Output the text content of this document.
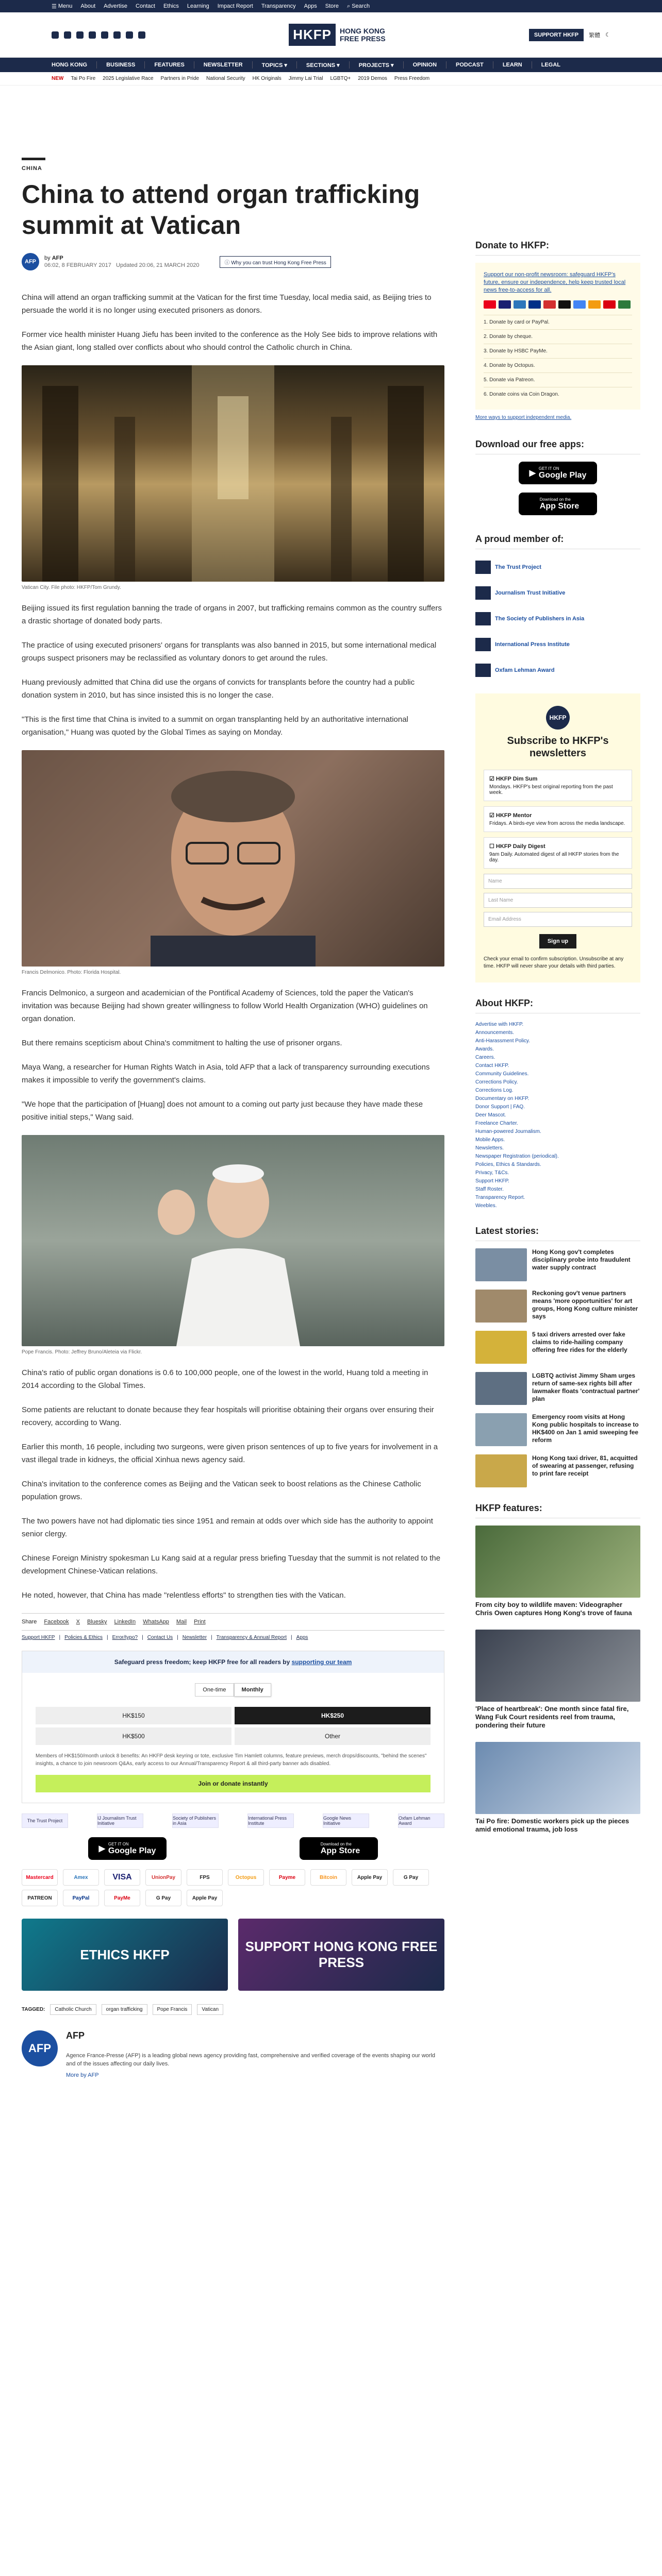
☰ Menu About Advertise Contact Ethics Learning Impact Report Transparency Apps Store ⌕ Search
HKFP	HONG KONG
FREE PRESS	SUPPORT HKFP	繁體 ☾
HONG KONG	BUSINESS	FEATURES	NEWSLETTER	TOPICS ▾	SECTIONS ▾	PROJECTS ▾	OPINION	PODCAST	LEARN	LEGAL
NEW Tai Po Fire 2025 Legislative Race Partners in Pride National Security HK Originals Jimmy Lai Trial LGBTQ+ 2019 Demos Press Freedom
CHINA
China to attend organ trafficking summit at Vatican
AFP
by AFP
06:02, 8 FEBRUARY 2017 Updated 20:06, 21 MARCH 2020	ⓘ Why you can trust Hong Kong Free Press

China will attend an organ trafficking summit at the Vatican for the first time Tuesday, local media said, as Beijing tries to persuade the world it is no longer using executed prisoners as donors.

Former vice health minister Huang Jiefu has been invited to the conference as the Holy See bids to improve relations with the Asian giant, long stalled over conflicts about who should control the Catholic church in China.

Vatican City. File photo: HKFP/Tom Grundy.

Beijing issued its first regulation banning the trade of organs in 2007, but trafficking remains common as the country suffers a drastic shortage of donated body parts.

The practice of using executed prisoners' organs for transplants was also banned in 2015, but some international medical groups suspect prisoners may be reclassified as voluntary donors to get around the rules.

Huang previously admitted that China did use the organs of convicts for transplants before the country had a public donation system in 2010, but has since insisted this is no longer the case.

"This is the first time that China is invited to a summit on organ transplanting held by an authoritative international organisation," Huang was quoted by the Global Times as saying on Monday.

Francis Delmonico. Photo: Florida Hospital.

Francis Delmonico, a surgeon and academician of the Pontifical Academy of Sciences, told the paper the Vatican's invitation was because Beijing had shown greater willingness to follow World Health Organization (WHO) guidelines on organ donation.

But there remains scepticism about China's commitment to halting the use of prisoner organs.

Maya Wang, a researcher for Human Rights Watch in Asia, told AFP that a lack of transparency surrounding executions makes it impossible to verify the government's claims.

"We hope that the participation of [Huang] does not amount to a coming out party just because they have made these positive initial steps," Wang said.

Pope Francis. Photo: Jeffrey Bruno/Aleteia via Flickr.

China's ratio of public organ donations is 0.6 to 100,000 people, one of the lowest in the world, Huang told a meeting in 2014 according to the Global Times.

Some patients are reluctant to donate because they fear hospitals will prioritise obtaining their organs over ensuring their recovery, according to Wang.

Earlier this month, 16 people, including two surgeons, were given prison sentences of up to five years for involvement in a vast illegal trade in kidneys, the official Xinhua news agency said.

China's invitation to the conference comes as Beijing and the Vatican seek to boost relations as the Chinese Catholic population grows.

The two powers have not had diplomatic ties since 1951 and remain at odds over which side has the authority to appoint senior clergy.

Chinese Foreign Ministry spokesman Lu Kang said at a regular press briefing Tuesday that the summit is not related to the development Chinese-Vatican relations.

He noted, however, that China has made "relentless efforts" to strengthen ties with the Vatican.

Share Facebook X Bluesky LinkedIn WhatsApp Mail Print
Support HKFP | Policies & Ethics | Error/typo? | Contact Us | Newsletter | Transparency & Annual Report | Apps
Safeguard press freedom; keep HKFP free for all readers by supporting our team
One-time	Monthly
HK$150	HK$250
HK$500	Other
Members of HK$150/month unlock 8 benefits: An HKFP desk keyring or tote, exclusive Tim Hamlett columns, feature previews, merch drops/discounts, "behind the scenes" insights, a chance to join newsroom Q&As, early access to our Annual/Transparency Report & all third-party banner ads disabled.
Join or donate instantly
The Trust Project	IJ Journalism Trust Initiative
Society of Publishers in Asia
International Press Institute
Google News Initiative
Oxfam Lehman Award
▶
GET IT ON
Google Play
Download on the
App Store
Mastercard	Amex	VISA	UnionPay	FPS	Octopus	Payme	Bitcoin	Apple Pay	G Pay
PATREON	PayPal	PayMe	G Pay	Apple Pay
ETHICS HKFP
SUPPORT HONG KONG FREE PRESS
TAGGED:	Catholic Church	organ trafficking	Pope Francis	Vatican
AFP
AFP
Agence France-Presse (AFP) is a leading global news agency providing fast, comprehensive and verified coverage of the events shaping our world and of the issues affecting our daily lives.
More by AFP
Donate to HKFP:
Support our non-profit newsroom: safeguard HKFP's future, ensure our independence, help keep trusted local news free-to-access for all.
1. Donate by card or PayPal.
2. Donate by cheque.
3. Donate by HSBC PayMe.
4. Donate by Octopus.
5. Donate via Patreon.
6. Donate coins via Coin Dragon.
More ways to support independent media.
Download our free apps:
▶
GET IT ON
Google Play
Download on the
App Store
A proud member of:
The Trust Project
Journalism Trust Initiative
The Society of Publishers in Asia
International Press Institute
Oxfam Lehman Award
HKFP
Subscribe to HKFP's newsletters
☑ HKFP Dim Sum
Mondays. HKFP's best original reporting from the past week.
☑ HKFP Mentor
Fridays. A birds-eye view from across the media landscape.
☐ HKFP Daily Digest
9am Daily. Automated digest of all HKFP stories from the day.
Name
Last Name
Email Address
Sign up
Check your email to confirm subscription. Unsubscribe at any time. HKFP will never share your details with third parties.
About HKFP:
Advertise with HKFP.
Announcements.
Anti-Harassment Policy.
Awards.
Careers.
Contact HKFP.
Community Guidelines.
Corrections Policy.
Corrections Log.
Documentary on HKFP.
Donor Support | FAQ.
Deer Mascot.
Freelance Charter.
Human-powered Journalism.
Mobile Apps.
Newsletters.
Newspaper Registration (periodical).
Policies, Ethics & Standards.
Privacy, T&Cs.
Support HKFP.
Staff Roster.
Transparency Report.
Weebles.
Latest stories:
Hong Kong gov't completes disciplinary probe into fraudulent water supply contract
Reckoning gov't venue partners means 'more opportunities' for art groups, Hong Kong culture minister says
5 taxi drivers arrested over fake claims to ride-hailing company offering free rides for the elderly
LGBTQ activist Jimmy Sham urges return of same-sex rights bill after lawmaker floats 'contractual partner' plan
Emergency room visits at Hong Kong public hospitals to increase to HK$400 on Jan 1 amid sweeping fee reform
Hong Kong taxi driver, 81, acquitted of swearing at passenger, refusing to print fare receipt
HKFP features:
From city boy to wildlife maven: Videographer Chris Owen captures Hong Kong's trove of fauna
'Place of heartbreak': One month since fatal fire, Wang Fuk Court residents reel from trauma, pondering their future
Tai Po fire: Domestic workers pick up the pieces amid emotional trauma, job loss
